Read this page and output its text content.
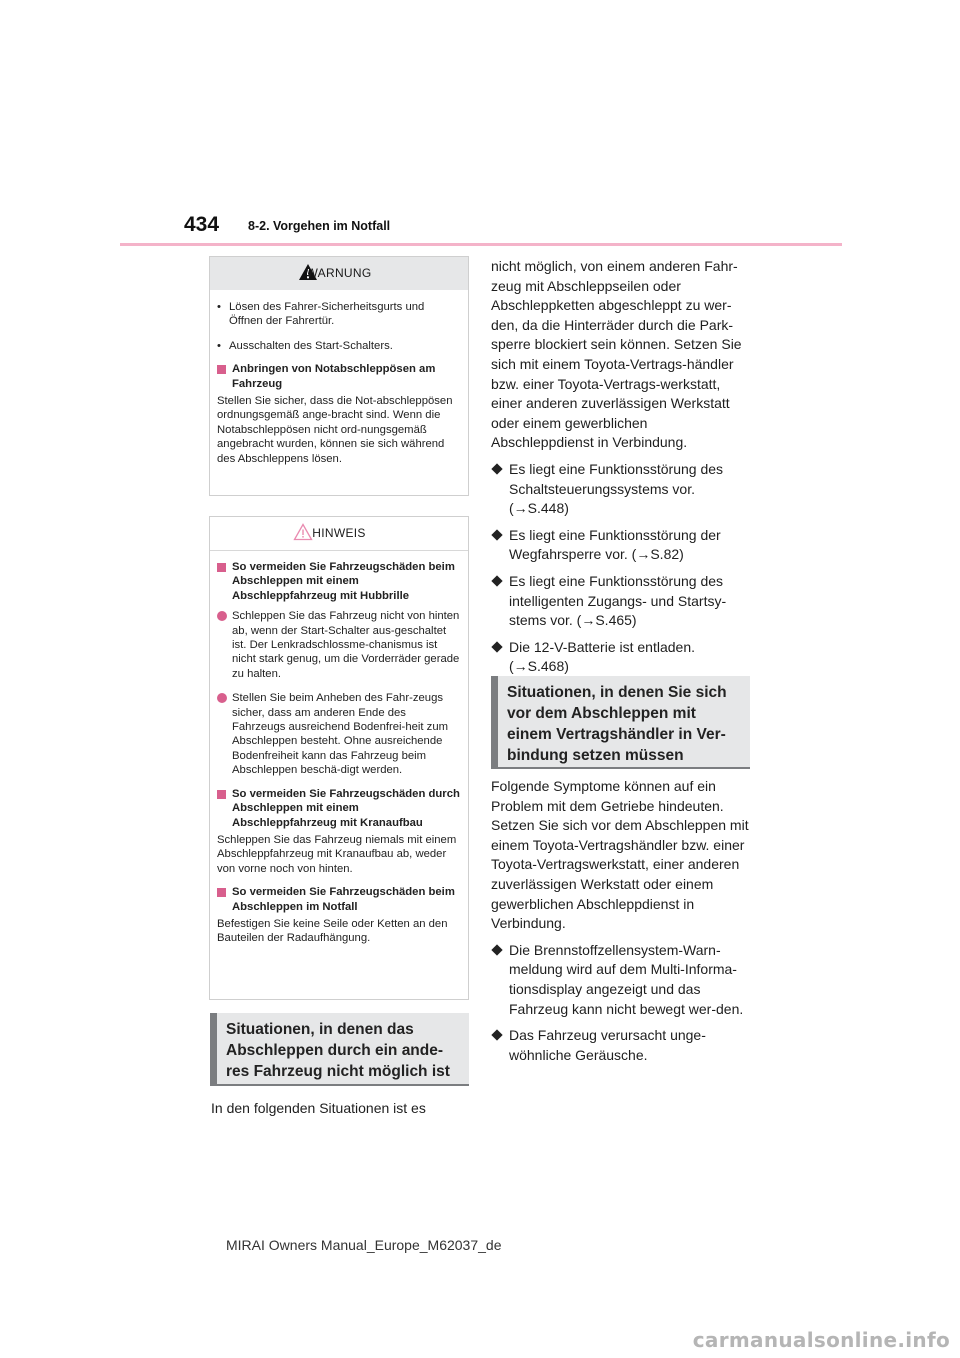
434 8-2. Vorgehen im Notfall
WARNUNG
• Lösen des Fahrer-Sicherheitsgurts und Öffnen der Fahrertür.
• Ausschalten des Start-Schalters.
Anbringen von Notabschleppösen am Fahrzeug
Stellen Sie sicher, dass die Not-abschleppösen ordnungsgemäß ange-bracht sind. Wenn die Notabschleppösen nicht ord-nungsgemäß angebracht wurden, können sie sich während des Abschleppens lösen.
HINWEIS
So vermeiden Sie Fahrzeugschäden beim Abschleppen mit einem Abschleppfahrzeug mit Hubbrille
Schleppen Sie das Fahrzeug nicht von hinten ab, wenn der Start-Schalter aus-geschaltet ist. Der Lenkradschlossme-chanismus ist nicht stark genug, um die Vorderräder gerade zu halten.
Stellen Sie beim Anheben des Fahr-zeugs sicher, dass am anderen Ende des Fahrzeugs ausreichend Bodenfrei-heit zum Abschleppen besteht. Ohne ausreichende Bodenfreiheit kann das Fahrzeug beim Abschleppen beschä-digt werden.
So vermeiden Sie Fahrzeugschäden durch Abschleppen mit einem Abschleppfahrzeug mit Kranaufbau
Schleppen Sie das Fahrzeug niemals mit einem Abschleppfahrzeug mit Kranaufbau ab, weder von vorne noch von hinten.
So vermeiden Sie Fahrzeugschäden beim Abschleppen im Notfall
Befestigen Sie keine Seile oder Ketten an den Bauteilen der Radaufhängung.
Situationen, in denen das Abschleppen durch ein ande-res Fahrzeug nicht möglich ist
In den folgenden Situationen ist es
nicht möglich, von einem anderen Fahr-zeug mit Abschleppseilen oder Abschleppketten abgeschleppt zu wer-den, da die Hinterräder durch die Park-sperre blockiert sein können. Setzen Sie sich mit einem Toyota-Vertrags-händler bzw. einer Toyota-Vertrags-werkstatt, einer anderen zuverlässigen Werkstatt oder einem gewerblichen Abschleppdienst in Verbindung.
Es liegt eine Funktionsstörung des Schaltsteuerungssystems vor. (→S.448)
Es liegt eine Funktionsstörung der Wegfahrsperre vor. (→S.82)
Es liegt eine Funktionsstörung des intelligenten Zugangs- und Startsy-stems vor. (→S.465)
Die 12-V-Batterie ist entladen. (→S.468)
Situationen, in denen Sie sich vor dem Abschleppen mit einem Vertragshändler in Ver-bindung setzen müssen
Folgende Symptome können auf ein Problem mit dem Getriebe hindeuten. Setzen Sie sich vor dem Abschleppen mit einem Toyota-Vertragshändler bzw. einer Toyota-Vertragswerkstatt, einer anderen zuverlässigen Werkstatt oder einem gewerblichen Abschleppdienst in Verbindung.
Die Brennstoffzellensystem-Warn-meldung wird auf dem Multi-Informa-tionsdisplay angezeigt und das Fahrzeug kann nicht bewegt wer-den.
Das Fahrzeug verursacht unge-wöhnliche Geräusche.
MIRAI Owners Manual_Europe_M62037_de
carmanualsonline.info
